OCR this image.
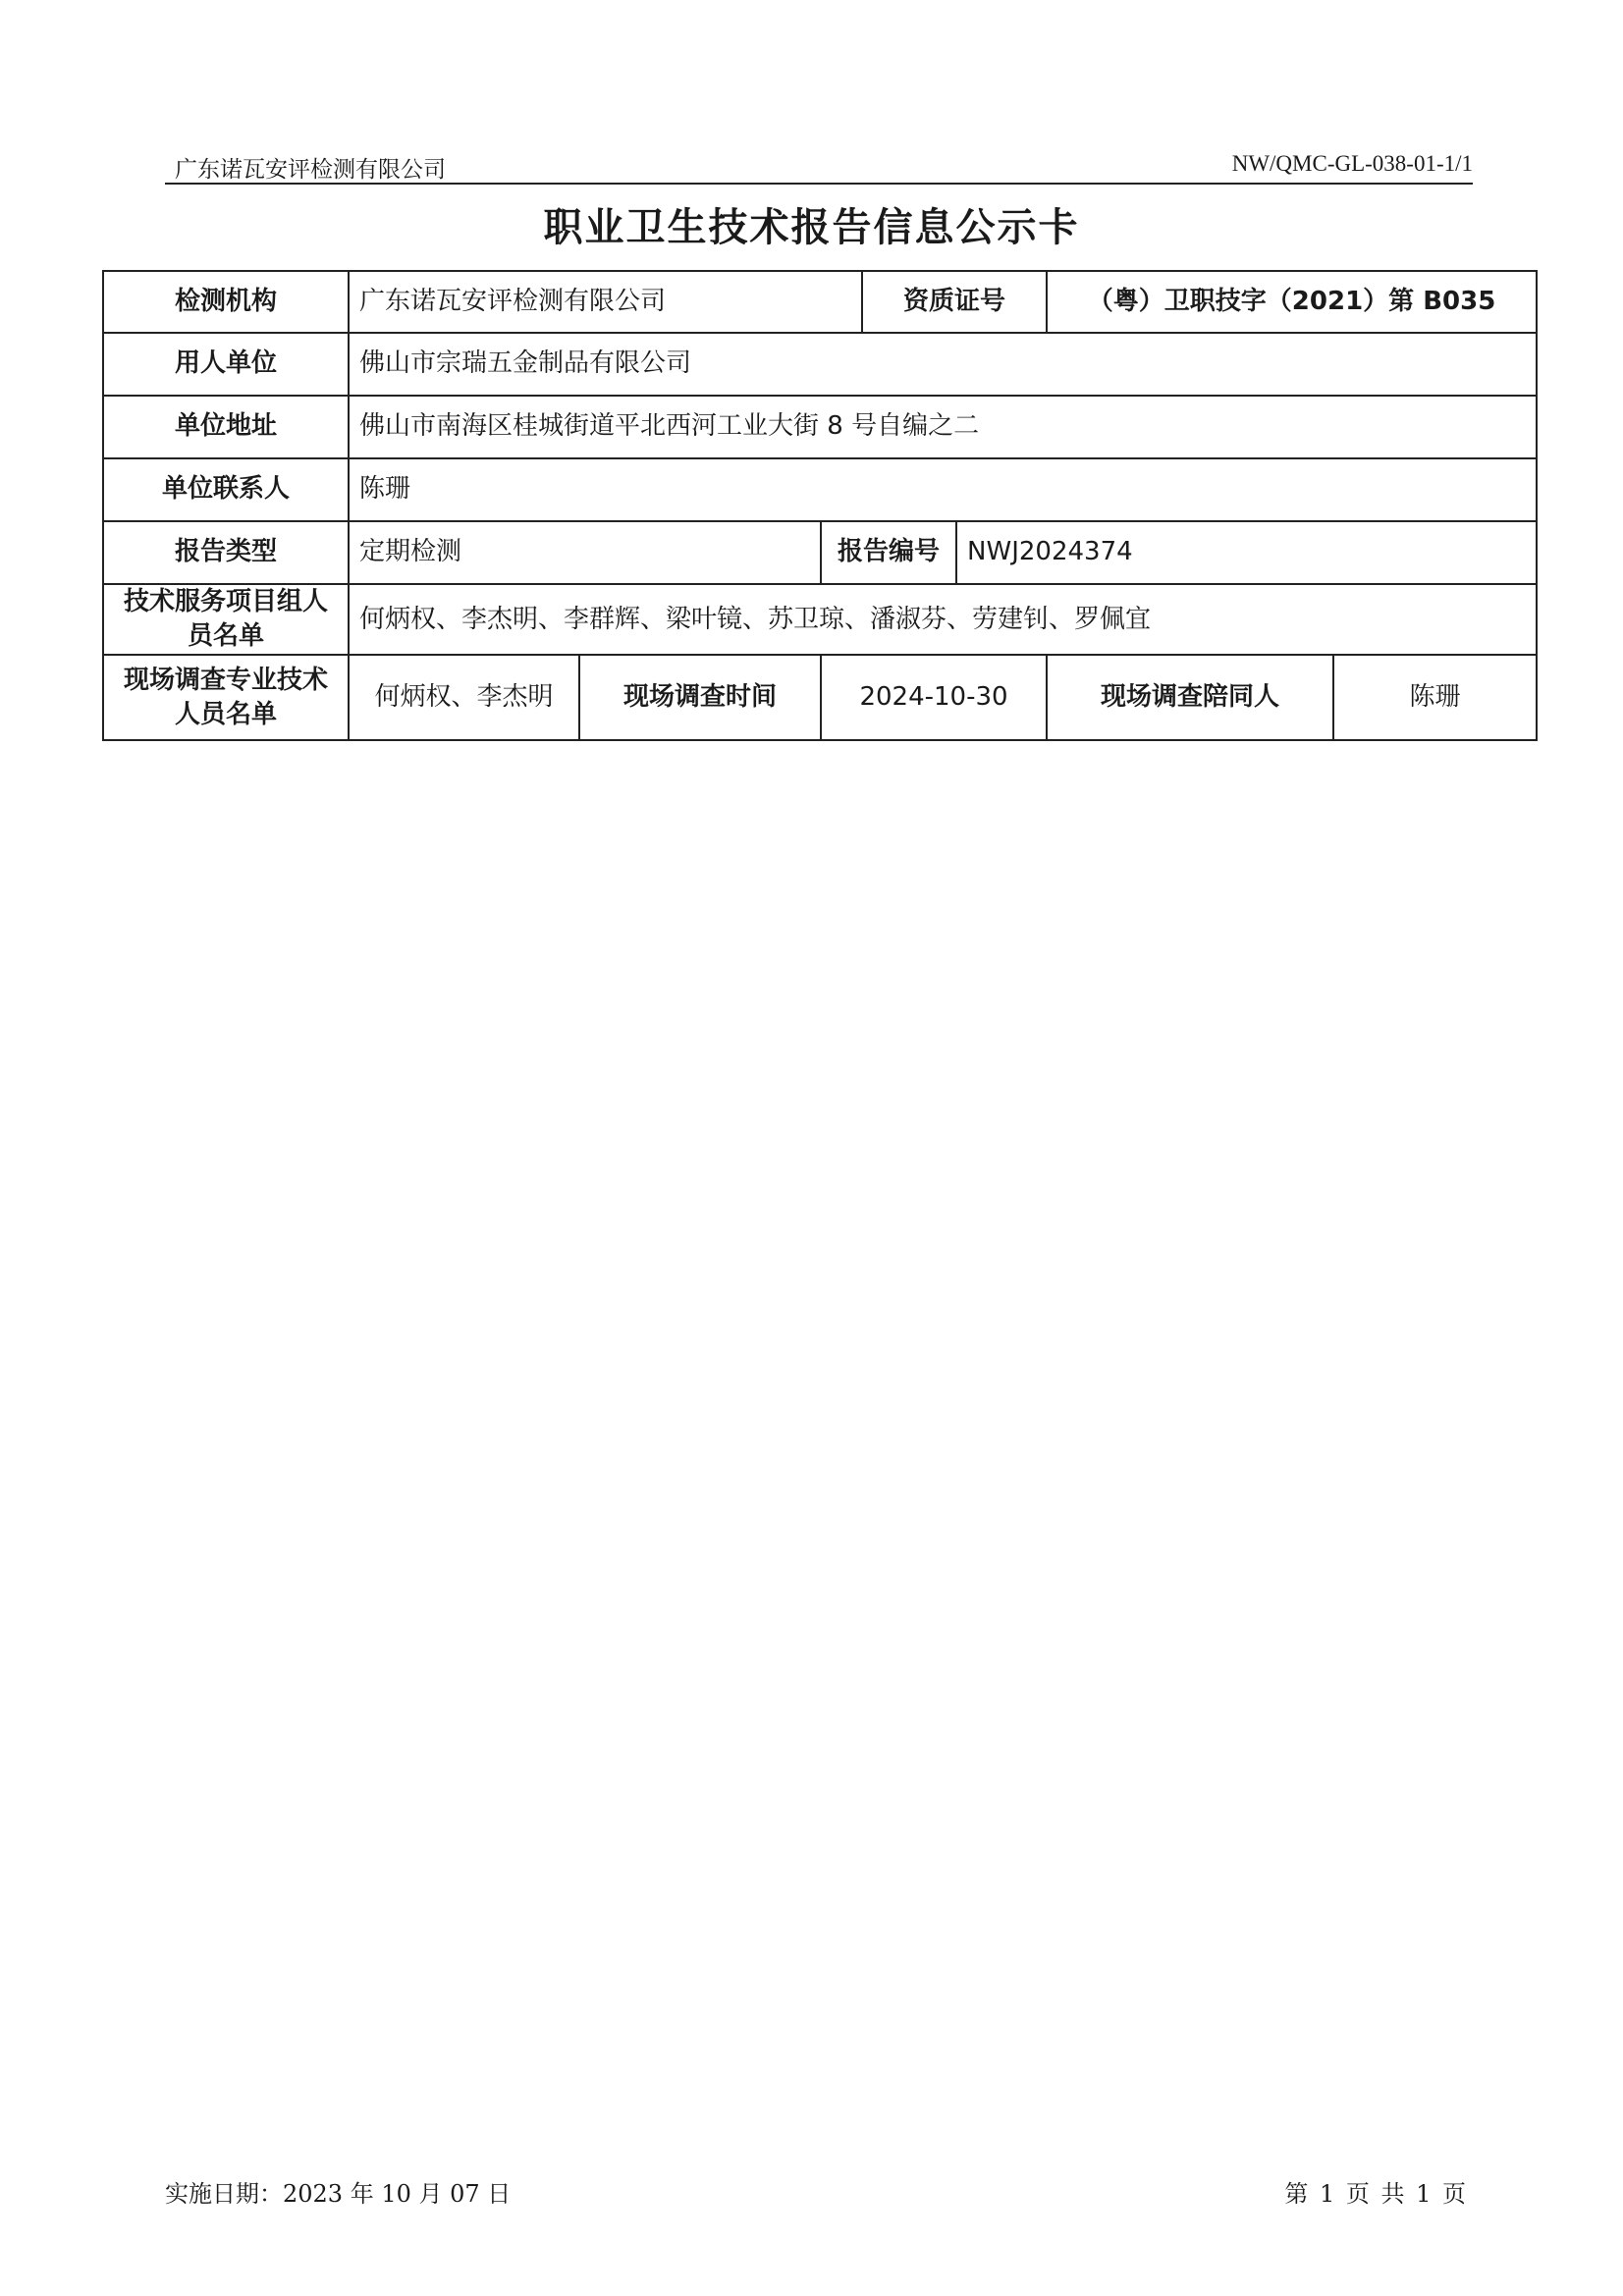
广东诺瓦安评检测有限公司	NW/QMC-GL-038-01-1/1
职业卫生技术报告信息公示卡
检测机构	广东诺瓦安评检测有限公司			资质证号		（粤）卫职技字（2021）第 B035	
用人单位	佛山市宗瑞五金制品有限公司						
单位地址	佛山市南海区桂城街道平北西河工业大街 8 号自编之二						
单位联系人	陈珊						
报告类型	定期检测		报告编号		NWJ2024374		
技术服务项目组人员名单	何炳权、李杰明、李群辉、梁叶镜、苏卫琼、潘淑芬、劳建钊、罗佩宜						
现场调查专业技术人员名单	何炳权、李杰明	现场调查时间	2024-10-30			现场调查陪同人	陈珊
实施日期：2023 年 10 月 07 日	第 1 页 共 1 页
